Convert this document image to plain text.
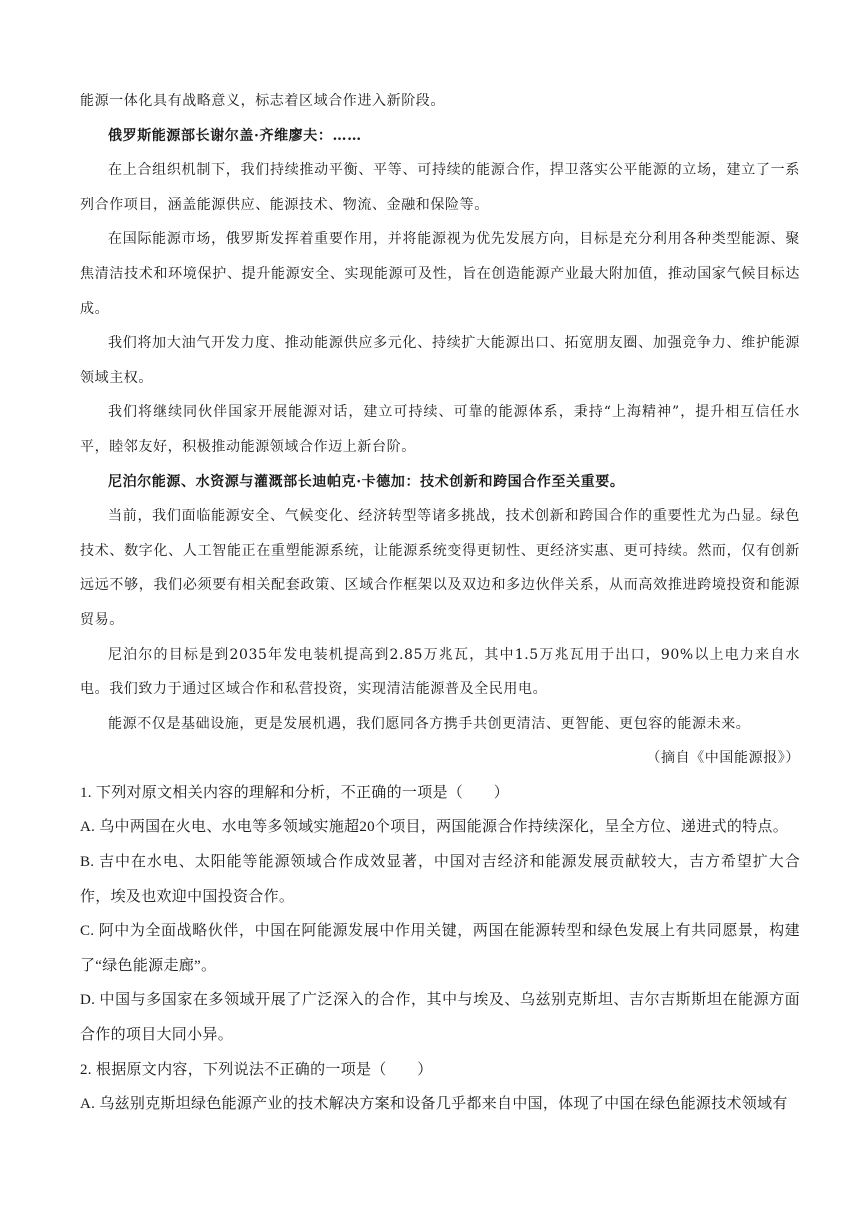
能源一体化具有战略意义，标志着区域合作进入新阶段。

俄罗斯能源部长谢尔盖·齐维廖夫：……

在上合组织机制下，我们持续推动平衡、平等、可持续的能源合作，捍卫落实公平能源的立场，建立了一系列合作项目，涵盖能源供应、能源技术、物流、金融和保险等。

在国际能源市场，俄罗斯发挥着重要作用，并将能源视为优先发展方向，目标是充分利用各种类型能源、聚焦清洁技术和环境保护、提升能源安全、实现能源可及性，旨在创造能源产业最大附加值，推动国家气候目标达成。

我们将加大油气开发力度、推动能源供应多元化、持续扩大能源出口、拓宽朋友圈、加强竞争力、维护能源领域主权。

我们将继续同伙伴国家开展能源对话，建立可持续、可靠的能源体系，秉持“上海精神”，提升相互信任水平，睦邻友好，积极推动能源领域合作迈上新台阶。

尼泊尔能源、水资源与灌溉部长迪帕克·卡德加：技术创新和跨国合作至关重要。

当前，我们面临能源安全、气候变化、经济转型等诸多挑战，技术创新和跨国合作的重要性尤为凸显。绿色技术、数字化、人工智能正在重塑能源系统，让能源系统变得更韧性、更经济实惠、更可持续。然而，仅有创新远远不够，我们必须要有相关配套政策、区域合作框架以及双边和多边伙伴关系，从而高效推进跨境投资和能源贸易。

尼泊尔的目标是到2035年发电装机提高到2.85万兆瓦，其中1.5万兆瓦用于出口，90%以上电力来自水电。我们致力于通过区域合作和私营投资，实现清洁能源普及全民用电。

能源不仅是基础设施，更是发展机遇，我们愿同各方携手共创更清洁、更智能、更包容的能源未来。

（摘自《中国能源报》）

1. 下列对原文相关内容的理解和分析，不正确的一项是（　　）

A. 乌中两国在火电、水电等多领域实施超20个项目，两国能源合作持续深化，呈全方位、递进式的特点。

B. 吉中在水电、太阳能等能源领域合作成效显著，中国对吉经济和能源发展贡献较大，吉方希望扩大合作，埃及也欢迎中国投资合作。

C. 阿中为全面战略伙伴，中国在阿能源发展中作用关键，两国在能源转型和绿色发展上有共同愿景，构建了“绿色能源走廊”。

D. 中国与多国家在多领域开展了广泛深入的合作，其中与埃及、乌兹别克斯坦、吉尔吉斯斯坦在能源方面合作的项目大同小异。

2. 根据原文内容，下列说法不正确的一项是（　　）

A. 乌兹别克斯坦绿色能源产业的技术解决方案和设备几乎都来自中国，体现了中国在绿色能源技术领域有
